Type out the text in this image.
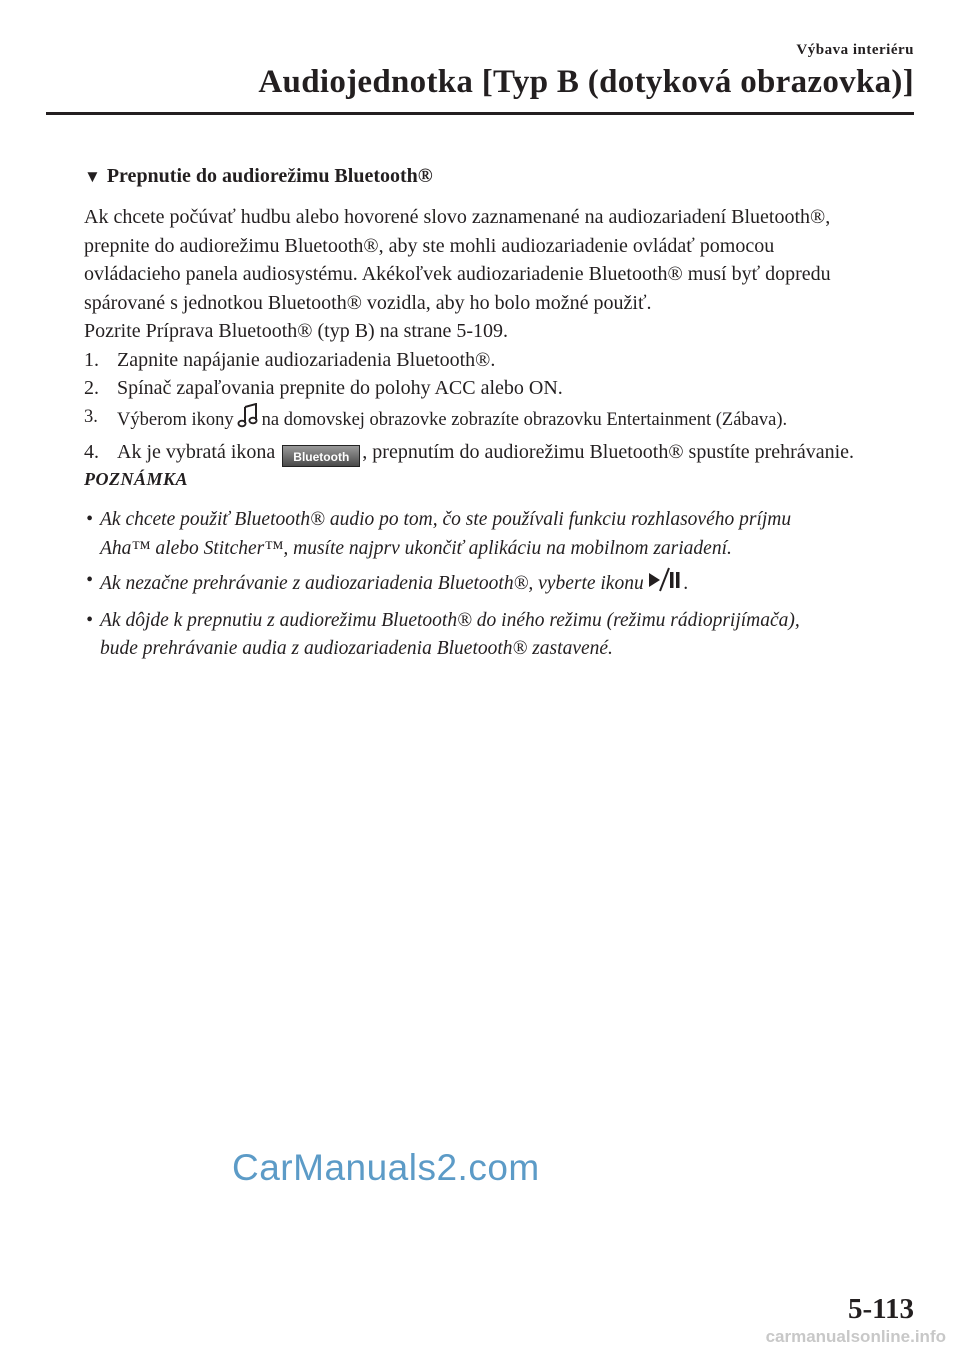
Výbava interiéru
Audiojednotka [Typ B (dotyková obrazovka)]
▼ Prepnutie do audiorežimu Bluetooth®

Ak chcete počúvať hudbu alebo hovorené slovo zaznamenané na audiozariadení Bluetooth®,

prepnite do audiorežimu Bluetooth®, aby ste mohli audiozariadenie ovládať pomocou

ovládacieho panela audiosystému. Akékoľvek audiozariadenie Bluetooth® musí byť dopredu

spárované s jednotkou Bluetooth® vozidla, aby ho bolo možné použiť.

Pozrite Príprava Bluetooth® (typ B) na strane 5-109.

1. Zapnite napájanie audiozariadenia Bluetooth®.
2. Spínač zapaľovania prepnite do polohy ACC alebo ON.
3.	Výberom ikony na domovskej obrazovke zobrazíte obrazovku Entertainment (Zábava).
4. Ak je vybratá ikona Bluetooth , prepnutím do audiorežimu Bluetooth® spustíte prehrávanie.
POZNÁMKA
• Ak chcete použiť Bluetooth® audio po tom, čo ste používali funkciu rozhlasového príjmu
Aha™ alebo Stitcher™, musíte najprv ukončiť aplikáciu na mobilnom zariadení.
• Ak nezačne prehrávanie z audiozariadenia Bluetooth®, vyberte ikonu .
• Ak dôjde k prepnutiu z audiorežimu Bluetooth® do iného režimu (režimu rádioprijímača),
bude prehrávanie audia z audiozariadenia Bluetooth® zastavené.
CarManuals2.com
5-113
carmanualsonline.info
